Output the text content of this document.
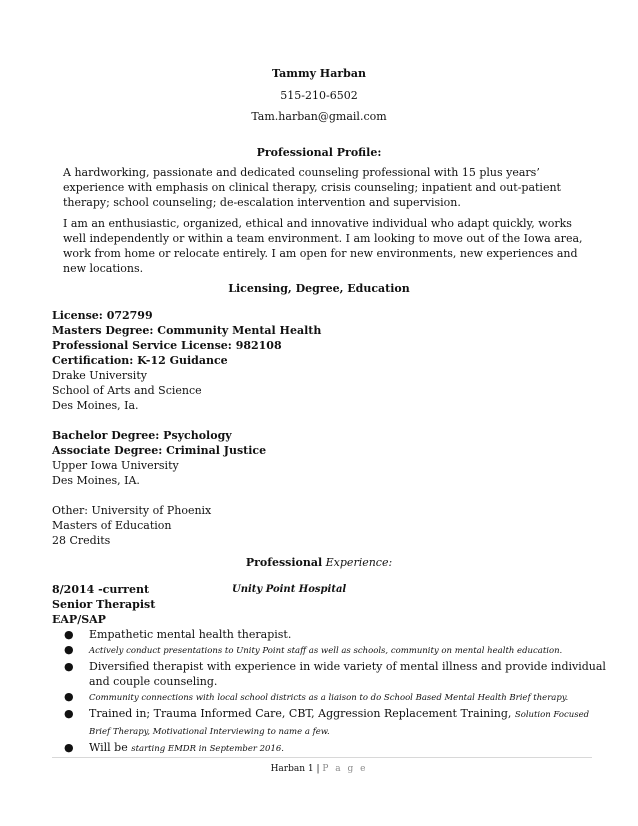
Tammy Harban
515-210-6502
Tam.harban@gmail.com
Professional Profile:

A hardworking, passionate and dedicated counseling professional with 15 plus years’ experience with emphasis on clinical therapy, crisis counseling; inpatient and out-patient therapy; school counseling; de-escalation intervention and supervision.

I am an enthusiastic, organized, ethical and innovative individual who adapt quickly, works well independently or within a team environment. I am looking to move out of the Iowa area, work from home or relocate entirely. I am open for new environments, new experiences and new locations.

Licensing, Degree, Education
License: 072799
Masters Degree: Community Mental Health
Professional Service License: 982108
Certification: K-12 Guidance
Drake University
School of Arts and Science
Des Moines, Ia.
Bachelor Degree: Psychology
Associate Degree: Criminal Justice
Upper Iowa University
Des Moines, IA.
Other: University of Phoenix
Masters of Education
28 Credits
Professional Experience:
8/2014 -current	Unity Point Hospital
Senior Therapist
EAP/SAP
● Empathetic mental health therapist.
● Actively conduct presentations to Unity Point staff as well as schools, community on mental health education.
● Diversified therapist with experience in wide variety of mental illness and provide individual and couple counseling.
● Community connections with local school districts as a liaison to do School Based Mental Health Brief therapy.
● Trained in; Trauma Informed Care, CBT, Aggression Replacement Training, Solution Focused Brief Therapy, Motivational Interviewing to name a few.
● Will be starting EMDR in September 2016.
Harban 1 | P a g e
